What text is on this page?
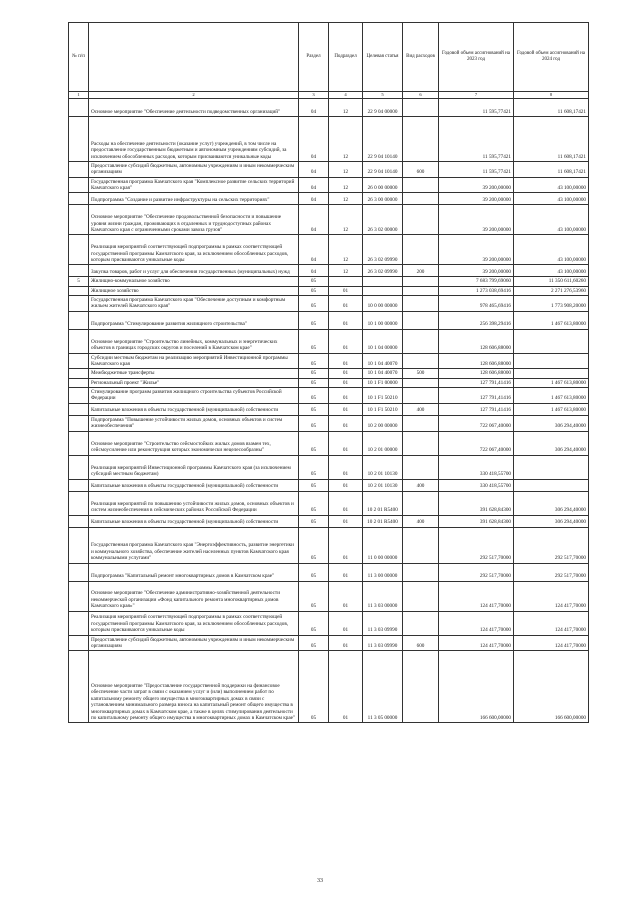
№ п/п		Раздел	Подраздел	Целевая статья	Вид расходов	Годовой объем ассигнований на 2023 год	Годовой объем ассигнований на 2024 год
1	2	3	4	5	6	7	8
	Основное мероприятие "Обеспечение деятельности подведомственных организаций"	04	12	22 9 04 00000		11 595,77421	11 608,17421
	Расходы на обеспечение деятельности (оказание услуг) учреждений, в том числе на предоставление государственным бюджетным и автономным учреждениям субсидий, за исключением обособленных расходов, которым присваиваются уникальные коды	04	12	22 9 04 10140		11 595,77421	11 608,17421
	Предоставление субсидий бюджетным, автономным учреждениям и иным некоммерческим организациям	04	12	22 9 04 10140	600	11 595,77421	11 608,17421
	Государственная программа Камчатского края "Комплексное развитие сельских территорий Камчатского края"	04	12	26 0 00 00000		39 200,00000	43 100,00000
	Подпрограмма "Создание и развитие инфраструктуры на сельских территориях"	04	12	26 3 00 00000		39 200,00000	43 100,00000
	Основное мероприятие "Обеспечение продовольственной безопасности и повышение уровня жизни граждан, проживающих в отдаленных и труднодоступных районах Камчатского края с ограниченными сроками завоза грузов"	04	12	26 3 02 00000		39 200,00000	43 100,00000
	Реализация мероприятий соответствующей подпрограммы в рамках соответствующей государственной программы Камчатского края, за исключением обособленных расходов, которым присваиваются уникальные коды	04	12	26 3 02 09990		39 200,00000	43 100,00000
	Закупка товаров, работ и услуг для обеспечения государственных (муниципальных) нужд	04	12	26 3 02 09990	200	39 200,00000	43 100,00000
5	Жилищно-коммунальное хозяйство	05				7 683 799,69060	11 350 611,60260
	Жилищное хозяйство	05	01			1 273 038,69416	2 271 276,53960
	Государственная программа Камчатского края "Обеспечение доступным и комфортным жильем жителей Камчатского края"	05	01	10 0 00 00000		978 465,69416	1 773 908,20000
	Подпрограмма "Стимулирование развития жилищного строительства"	05	01	10 1 00 00000		256 398,29416	1 467 613,80000
	Основное мероприятие "Строительство линейных, коммунальных и энергетических объектов в границах городских округов и поселений в Камчатском крае"	05	01	10 1 04 00000		128 606,88000	
	Субсидии местным бюджетам на реализацию мероприятий Инвестиционной программы Камчатского края	05	01	10 1 04 40070		128 606,88000	
	Межбюджетные трансферты	05	01	10 1 04 40070	500	128 606,88000	
	Региональный проект "Жилье"	05	01	10 1 F1 00000		127 791,41416	1 467 613,80000
	Стимулирование программ развития жилищного строительства субъектов Российской Федерации	05	01	10 1 F1 50210		127 791,41416	1 467 613,80000
	Капитальные вложения в объекты государственной (муниципальной) собственности	05	01	10 1 F1 50210	400	127 791,41416	1 467 613,80000
	Подпрограмма "Повышение устойчивости жилых домов, основных объектов и систем жизнеобеспечения"	05	01	10 2 00 00000		722 067,40000	306 294,40000
	Основное мероприятие "Строительство сейсмостойких жилых домов взамен тех, сейсмоусиление или реконструкция которых экономически нецелесообразны"	05	01	10 2 01 00000		722 067,40000	306 294,40000
	Реализация мероприятий Инвестиционной программы Камчатского края (за исключением субсидий местным бюджетам)	05	01	10 2 01 10130		330 418,55700	
	Капитальные вложения в объекты государственной (муниципальной) собственности	05	01	10 2 01 10130	400	330 418,55700	
	Реализация мероприятий по повышению устойчивости жилых домов, основных объектов и систем жизнеобеспечения в сейсмических районах Российской Федерации	05	01	10 2 01 R5400		391 628,84300	306 294,40000
	Капитальные вложения в объекты государственной (муниципальной) собственности	05	01	10 2 01 R5400	400	391 628,84300	306 294,40000
	Государственная программа Камчатского края "Энергоэффективность, развитие энергетики и коммунального хозяйства, обеспечение жителей населенных пунктов Камчатского края коммунальными услугами"	05	01	11 0 00 00000		292 517,70000	292 517,70000
	Подпрограмма "Капитальный ремонт многоквартирных домов в Камчатском крае"	05	01	11 3 00 00000		292 517,70000	292 517,70000
	Основное мероприятие "Обеспечение административно-хозяйственной деятельности некоммерческой организации «Фонд капитального ремонта многоквартирных домов Камчатского края»"	05	01	11 3 03 00000		124 417,70000	124 417,70000
	Реализация мероприятий соответствующей подпрограммы в рамках соответствующей государственной программы Камчатского края, за исключением обособленных расходов, которым присваиваются уникальные коды	05	01	11 3 03 09990		124 417,70000	124 417,70000
	Предоставление субсидий бюджетным, автономным учреждениям и иным некоммерческим организациям	05	01	11 3 03 09990	600	124 417,70000	124 417,70000
	Основное мероприятие "Предоставление государственной поддержки на финансовое обеспечение части затрат в связи с оказанием услуг и (или) выполнением работ по капитальному ремонту общего имущества в многоквартирных домах в связи с установлением минимального размера взноса на капитальный ремонт общего имущества в многоквартирных домах в Камчатском крае, а также в целях стимулирования деятельности по капитальному ремонту общего имущества в многоквартирных домах в Камчатском крае"	05	01	11 3 05 00000		166 600,00000	166 600,00000
33
